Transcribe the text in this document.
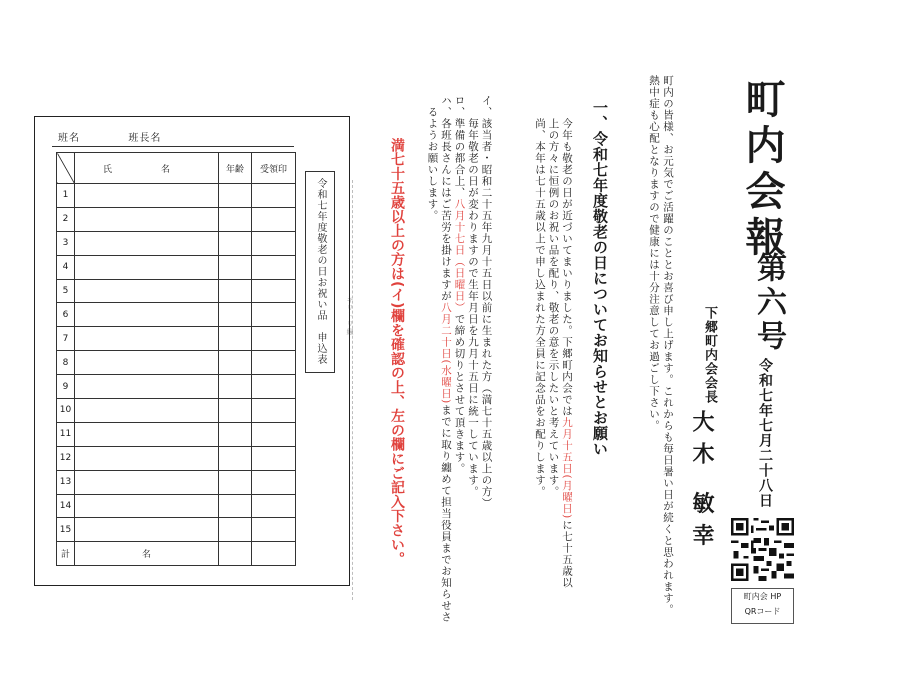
町内会報
第六号
令和七年七月二十八日
下郷町内会会長
大木 敏幸
町内会 HP
QRコード
町内の皆様、お元気でご活躍のこととお喜び申し上げます。これからも毎日暑い日が続くと思われます。熱中症も心配となりますので健康には十分注意してお過ごし下さい。
一、令和七年度敬老の日についてお知らせとお願い
今年も敬老の日が近づいてまいりました。下郷町内会では九月十五日(月曜日)に七十五歳以上の方々に恒例のお祝い品を配り、敬老の意を示したいと考えています。
尚、本年は七十五歳以上で申し込まれた方全員に記念品をお配りします。
イ、該当者・昭和二十五年九月十五日以前に生まれた方（満七十五歳以上の方）
　　毎年敬老の日が変わりますので生年月日を九月十五日に統一しています。
ロ、準備の都合上、八月十七日（日曜日）で締め切りとさせて頂きます。
ハ、各班長さんにはご苦労を掛けますが八月二十日(水曜日)までに取り纏めて担当役員までお知らせさ
　るようお願いします。
満七十五歳以上の方は(イ)欄を確認の上、左の欄にご記入下さい。
キリトリ線
班名	班長名
	氏　名	年齢	受領印
1			
2			
3			
4			
5			
6			
7			
8			
9			
10			
11			
12			
13			
14			
15			
計	名		
令和七年度敬老の日お祝い品　申込表
